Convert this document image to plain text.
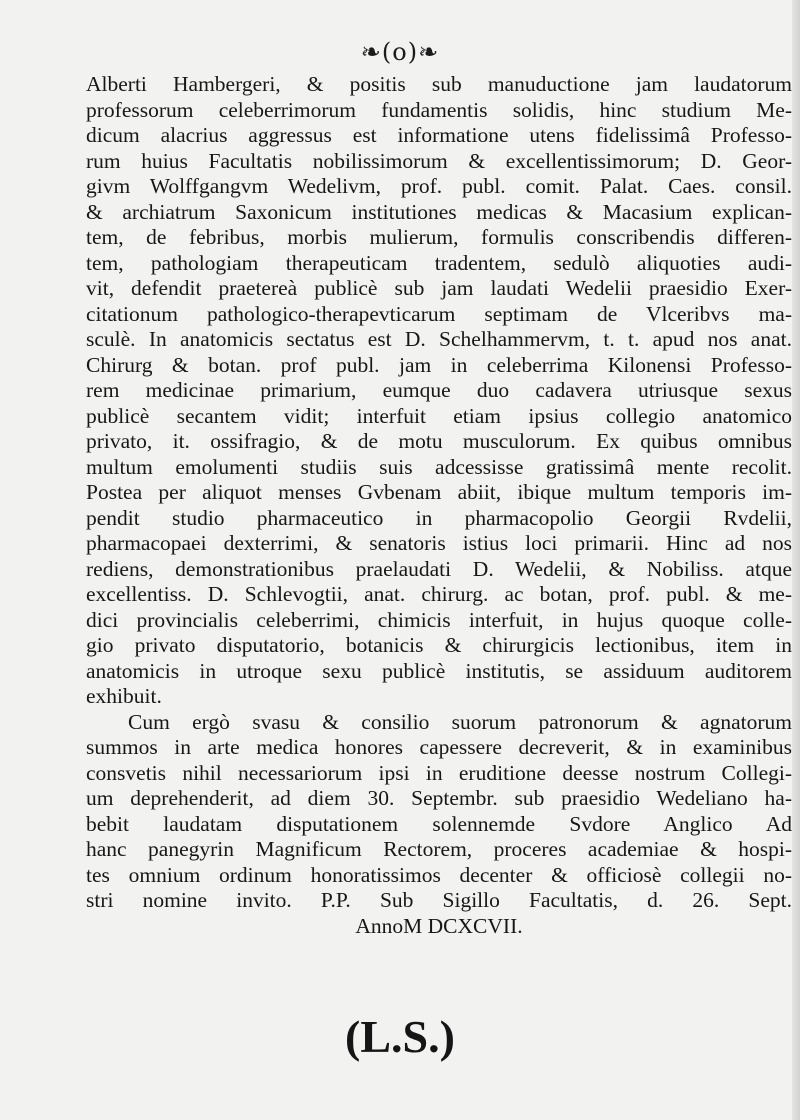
❧(o)❧
Alberti Hambergeri, & positis sub manuductione jam laudatorum
professorum celeberrimorum fundamentis solidis, hinc studium Me-
dicum alacrius aggressus est informatione utens fidelissimâ Professo-
rum huius Facultatis nobilissimorum & excellentissimorum; D. Geor-
givm Wolffgangvm Wedelivm, prof. publ. comit. Palat. Caes. consil.
& archiatrum Saxonicum institutiones medicas & Macasium explican-
tem, de febribus, morbis mulierum, formulis conscribendis differen-
tem, pathologiam therapeuticam tradentem, sedulò aliquoties audi-
vit, defendit praetereà publicè sub jam laudati Wedelii praesidio Exer-
citationum pathologico-therapevticarum septimam de Vlceribvs ma-
sculè. In anatomicis sectatus est D. Schelhammervm, t. t. apud nos anat.
Chirurg & botan. prof publ. jam in celeberrima Kilonensi Professo-
rem medicinae primarium, eumque duo cadavera utriusque sexus
publicè secantem vidit; interfuit etiam ipsius collegio anatomico
privato, it. ossifragio, & de motu musculorum. Ex quibus omnibus
multum emolumenti studiis suis adcessisse gratissimâ mente recolit.
Postea per aliquot menses Gvbenam abiit, ibique multum temporis im-
pendit studio pharmaceutico in pharmacopolio Georgii Rvdelii,
pharmacopaei dexterrimi, & senatoris istius loci primarii. Hinc ad nos
rediens, demonstrationibus praelaudati D. Wedelii, & Nobiliss. atque
excellentiss. D. Schlevogtii, anat. chirurg. ac botan, prof. publ. & me-
dici provincialis celeberrimi, chimicis interfuit, in hujus quoque colle-
gio privato disputatorio, botanicis & chirurgicis lectionibus, item in
anatomicis in utroque sexu publicè institutis, se assiduum auditorem
exhibuit.
Cum ergò svasu & consilio suorum patronorum & agnatorum
summos in arte medica honores capessere decreverit, & in examinibus
consvetis nihil necessariorum ipsi in eruditione deesse nostrum Collegi-
um deprehenderit, ad diem 30. Septembr. sub praesidio Wedeliano ha-
bebit laudatam disputationem solennemde Svdore Anglico Ad
hanc panegyrin Magnificum Rectorem, proceres academiae & hospi-
tes omnium ordinum honoratissimos decenter & officiosè collegii no-
stri nomine invito. P.P. Sub Sigillo Facultatis, d. 26. Sept.
AnnoM DCXCVII.
(L.S.)
